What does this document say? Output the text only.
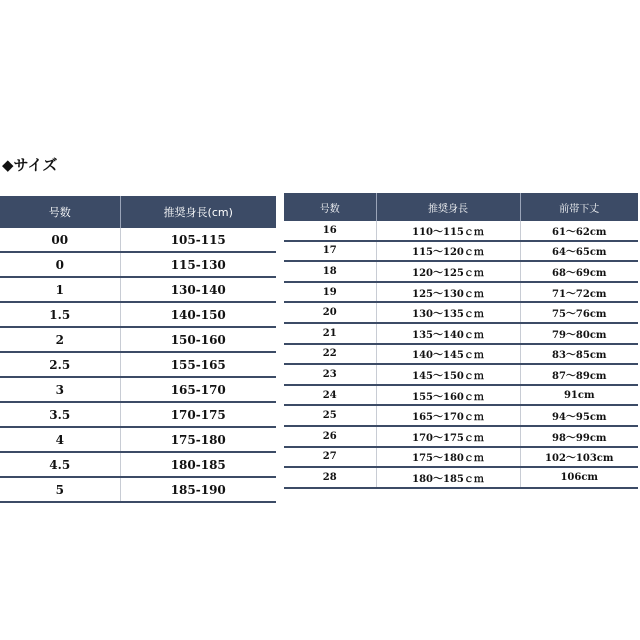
◆サイズ
号数	推奨身長(cm)
00	105-115
0	115-130
1	130-140
1.5	140-150
2	150-160
2.5	155-165
3	165-170
3.5	170-175
4	175-180
4.5	180-185
5	185-190
号数	推奨身長	前帯下丈
16	110～115ｃｍ	61～62cm
17	115～120ｃｍ	64～65cm
18	120～125ｃｍ	68～69cm
19	125～130ｃｍ	71～72cm
20	130～135ｃｍ	75～76cm
21	135～140ｃｍ	79～80cm
22	140～145ｃｍ	83～85cm
23	145～150ｃｍ	87～89cm
24	155～160ｃｍ	91cm
25	165～170ｃｍ	94～95cm
26	170～175ｃｍ	98～99cm
27	175～180ｃｍ	102～103cm
28	180～185ｃｍ	106cm
